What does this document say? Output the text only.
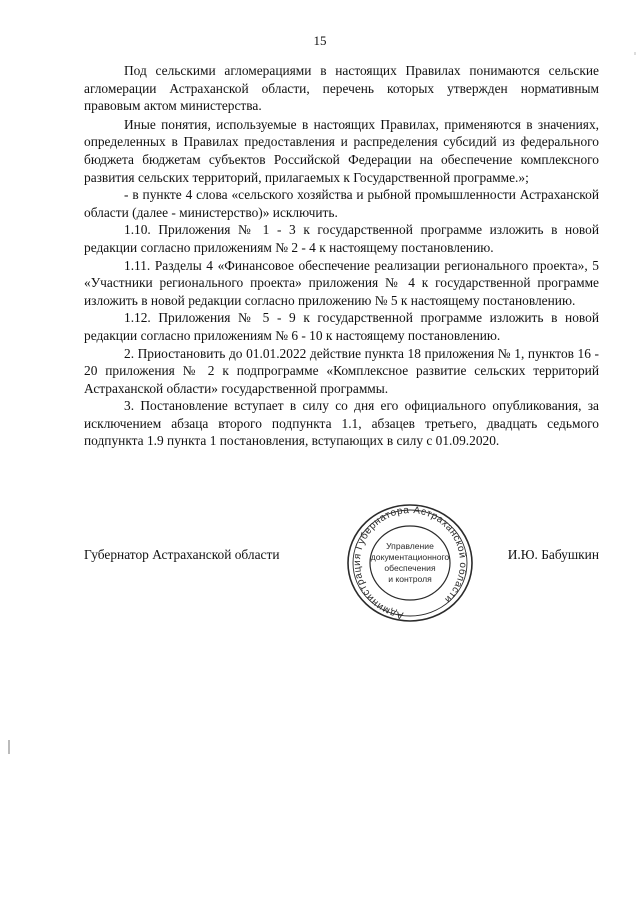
15

Под сельскими агломерациями в настоящих Правилах понимаются сельские агломерации Астраханской области, перечень которых утвержден нормативным правовым актом министерства.

Иные понятия, используемые в настоящих Правилах, применяются в значениях, определенных в Правилах предоставления и распределения субсидий из федерального бюджета бюджетам субъектов Российской Федерации на обеспечение комплексного развития сельских территорий, прилагаемых к Государственной программе.»;

- в пункте 4 слова «сельского хозяйства и рыбной промышленности Астраханской области (далее - министерство)» исключить.

1.10. Приложения № 1 - 3 к государственной программе изложить в новой редакции согласно приложениям № 2 - 4 к настоящему постановлению.

1.11. Разделы 4 «Финансовое обеспечение реализации регионального проекта», 5 «Участники регионального проекта» приложения № 4 к государственной программе изложить в новой редакции согласно приложению № 5 к настоящему постановлению.

1.12. Приложения № 5 - 9 к государственной программе изложить в новой редакции согласно приложениям № 6 - 10 к настоящему постановлению.

2. Приостановить до 01.01.2022 действие пункта 18 приложения № 1, пунктов 16 - 20 приложения № 2 к подпрограмме «Комплексное развитие сельских территорий Астраханской области» государственной программы.

3. Постановление вступает в силу со дня его официального опубликования, за исключением абзаца второго подпункта 1.1, абзацев третьего, двадцать седьмого подпункта 1.9 пункта 1 постановления, вступающих в силу с 01.09.2020.

Губернатор Астраханской области	И.Ю. Бабушкин
Администрация Губернатора Астраханской области
Управление
документационного
обеспечения
и контроля
